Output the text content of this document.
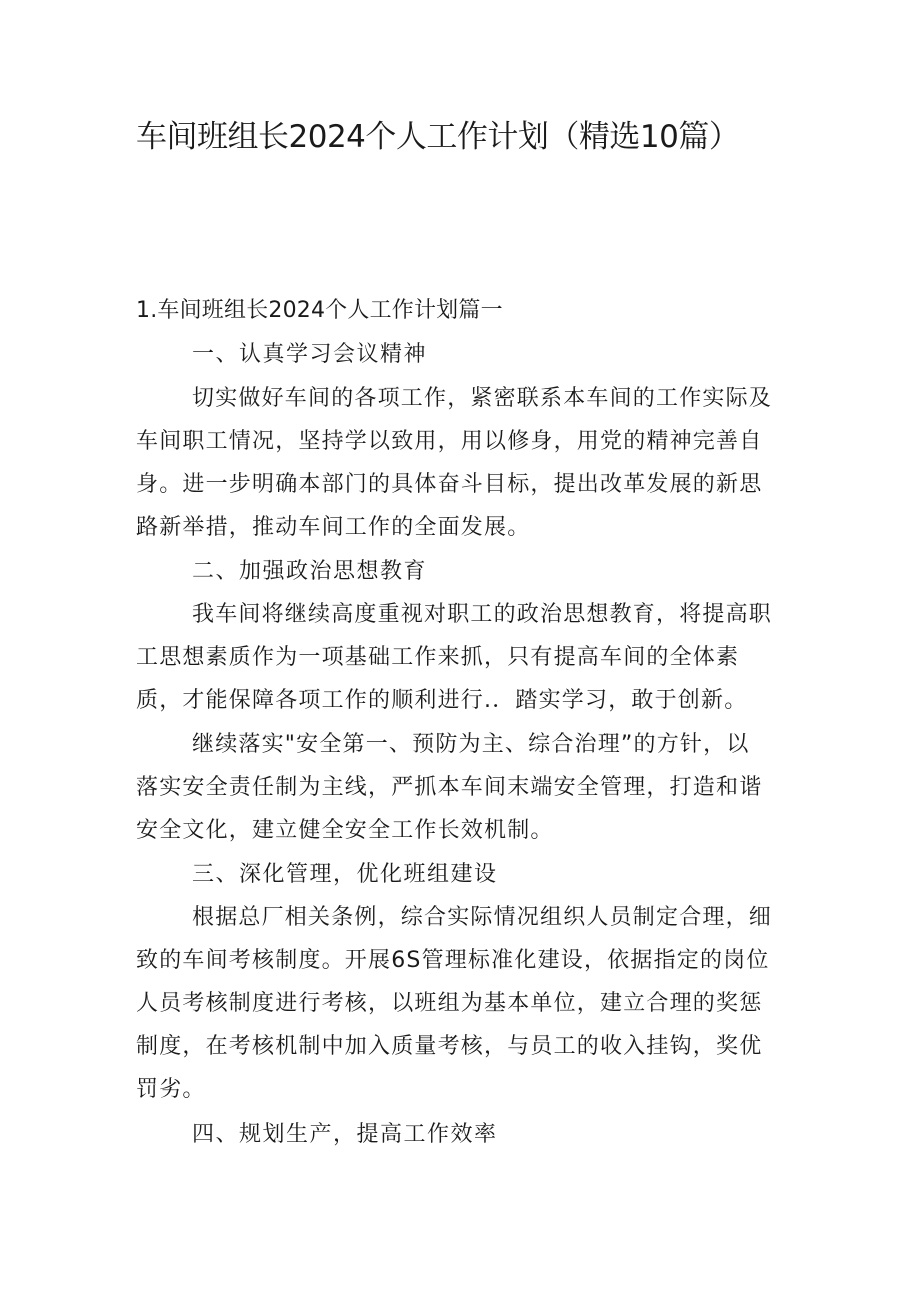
车间班组长2024个人工作计划（精选10篇）

1.车间班组长2024个人工作计划篇一

一、认真学习会议精神

切实做好车间的各项工作，紧密联系本车间的工作实际及

车间职工情况，坚持学以致用，用以修身，用党的精神完善自

身。进一步明确本部门的具体奋斗目标，提出改革发展的新思

路新举措，推动车间工作的全面发展。

二、加强政治思想教育

我车间将继续高度重视对职工的政治思想教育，将提高职

工思想素质作为一项基础工作来抓，只有提高车间的全体素

质，才能保障各项工作的顺利进行.．踏实学习，敢于创新。

继续落实"安全第一、预防为主、综合治理”的方针，以

落实安全责任制为主线，严抓本车间末端安全管理，打造和谐

安全文化，建立健全安全工作长效机制。

三、深化管理，优化班组建设

根据总厂相关条例，综合实际情况组织人员制定合理，细

致的车间考核制度。开展6S管理标准化建设，依据指定的岗位

人员考核制度进行考核，以班组为基本单位，建立合理的奖惩

制度，在考核机制中加入质量考核，与员工的收入挂钩，奖优

罚劣。

四、规划生产，提高工作效率
